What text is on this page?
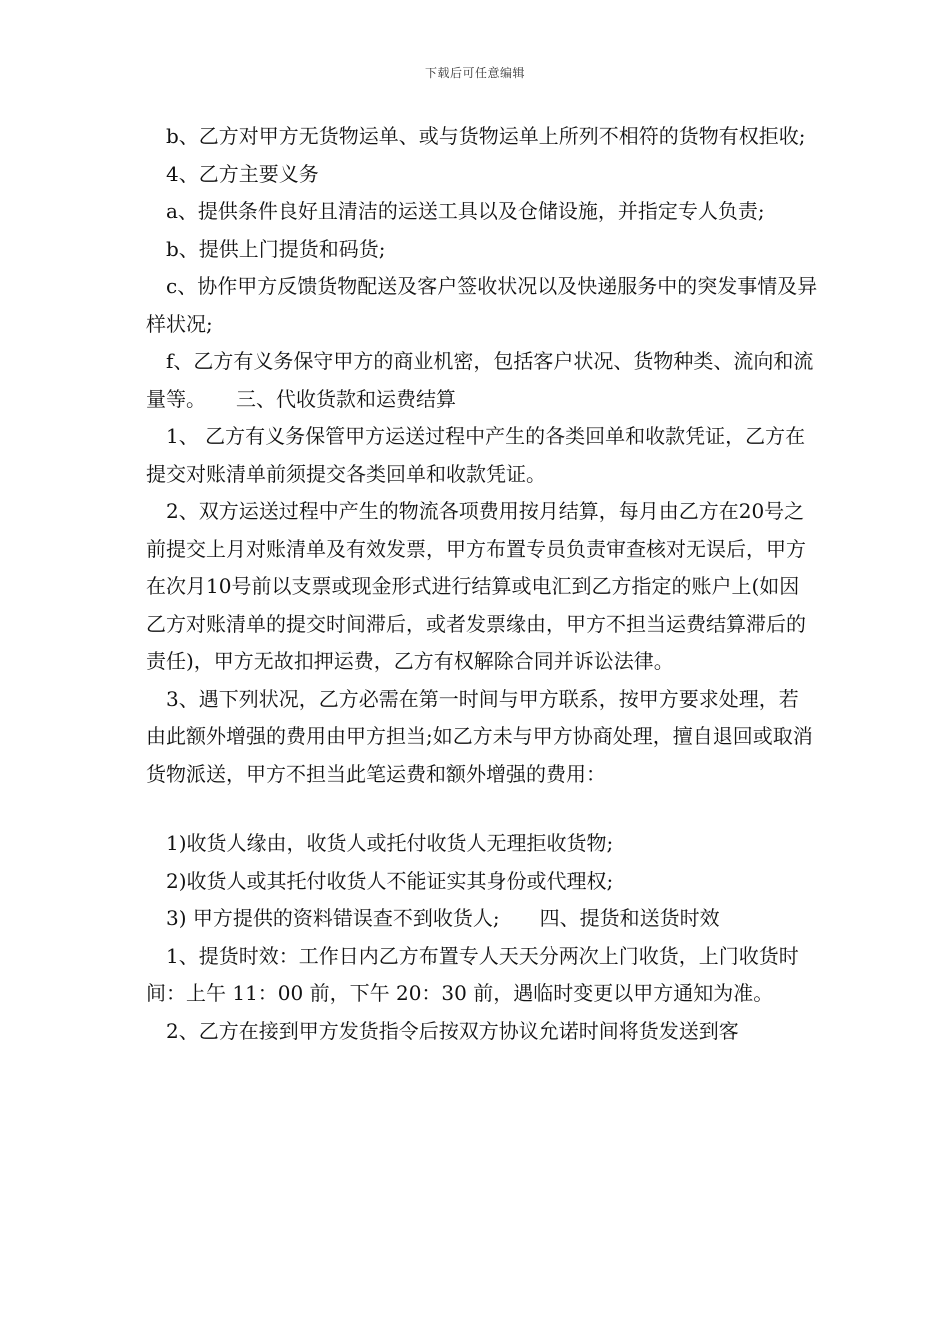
下载后可任意编辑

b、乙方对甲方无货物运单、或与货物运单上所列不相符的货物有权拒收;

4、乙方主要义务

a、提供条件良好且清洁的运送工具以及仓储设施，并指定专人负责;

b、提供上门提货和码货;

c、协作甲方反馈货物配送及客户签收状况以及快递服务中的突发事情及异样状况;

f、乙方有义务保守甲方的商业机密，包括客户状况、货物种类、流向和流量等。　　三、代收货款和运费结算

1、 乙方有义务保管甲方运送过程中产生的各类回单和收款凭证，乙方在提交对账清单前须提交各类回单和收款凭证。

2、双方运送过程中产生的物流各项费用按月结算，每月由乙方在20号之前提交上月对账清单及有效发票，甲方布置专员负责审查核对无误后，甲方在次月10号前以支票或现金形式进行结算或电汇到乙方指定的账户上(如因乙方对账清单的提交时间滞后，或者发票缘由，甲方不担当运费结算滞后的责任)，甲方无故扣押运费，乙方有权解除合同并诉讼法律。

3、遇下列状况，乙方必需在第一时间与甲方联系，按甲方要求处理，若由此额外增强的费用由甲方担当;如乙方未与甲方协商处理，擅自退回或取消货物派送，甲方不担当此笔运费和额外增强的费用：

1)收货人缘由，收货人或托付收货人无理拒收货物;

2)收货人或其托付收货人不能证实其身份或代理权;

3) 甲方提供的资料错误查不到收货人;　　四、提货和送货时效

1、提货时效：工作日内乙方布置专人天天分两次上门收货，上门收货时间：上午 11：00 前，下午 20：30 前，遇临时变更以甲方通知为准。

2、乙方在接到甲方发货指令后按双方协议允诺时间将货发送到客
